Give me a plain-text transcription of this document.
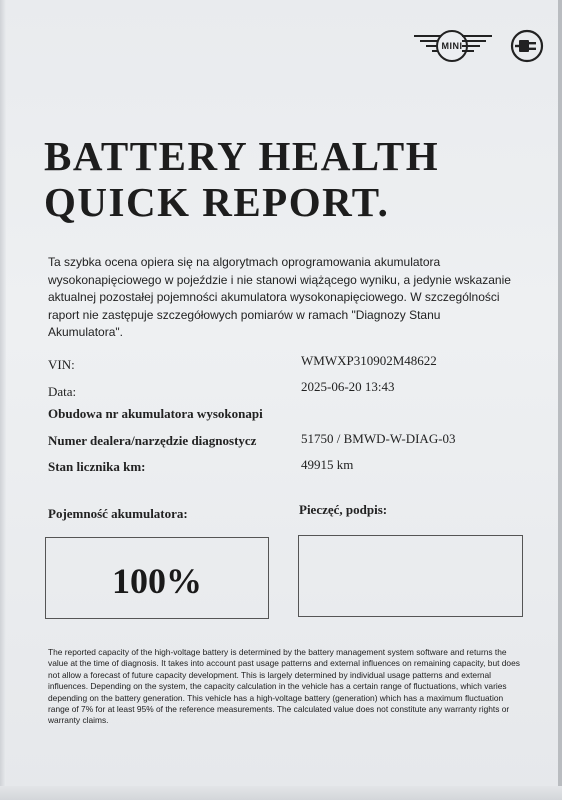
MINI
BATTERY HEALTH
QUICK REPORT.
Ta szybka ocena opiera się na algorytmach oprogramowania akumulatora wysokonapięciowego w pojeździe i nie stanowi wiążącego wyniku, a jedynie wskazanie aktualnej pozostałej pojemności akumulatora wysokonapięciowego. W szczególności raport nie zastępuje szczegółowych pomiarów w ramach "Diagnozy Stanu Akumulatora".
VIN:	WMWXP310902M48622
Data:	2025-06-20 13:43
Obudowa nr akumulatora wysokonapi
Numer dealera/narzędzie diagnostycz	51750 / BMWD-W-DIAG-03
Stan licznika km:	49915 km
Pojemność akumulatora:	Pieczęć, podpis:
100%
The reported capacity of the high-voltage battery is determined by the battery management system software and returns the value at the time of diagnosis. It takes into account past usage patterns and external influences on remaining capacity, but does not allow a forecast of future capacity development. This is largely determined by individual usage patterns and external influences. Depending on the system, the capacity calculation in the vehicle has a certain range of fluctuations, which varies depending on the battery generation. This vehicle has a high-voltage battery (generation) which has a maximum fluctuation range of 7% for at least 95% of the reference measurements. The calculated value does not constitute any warranty rights or warranty claims.
